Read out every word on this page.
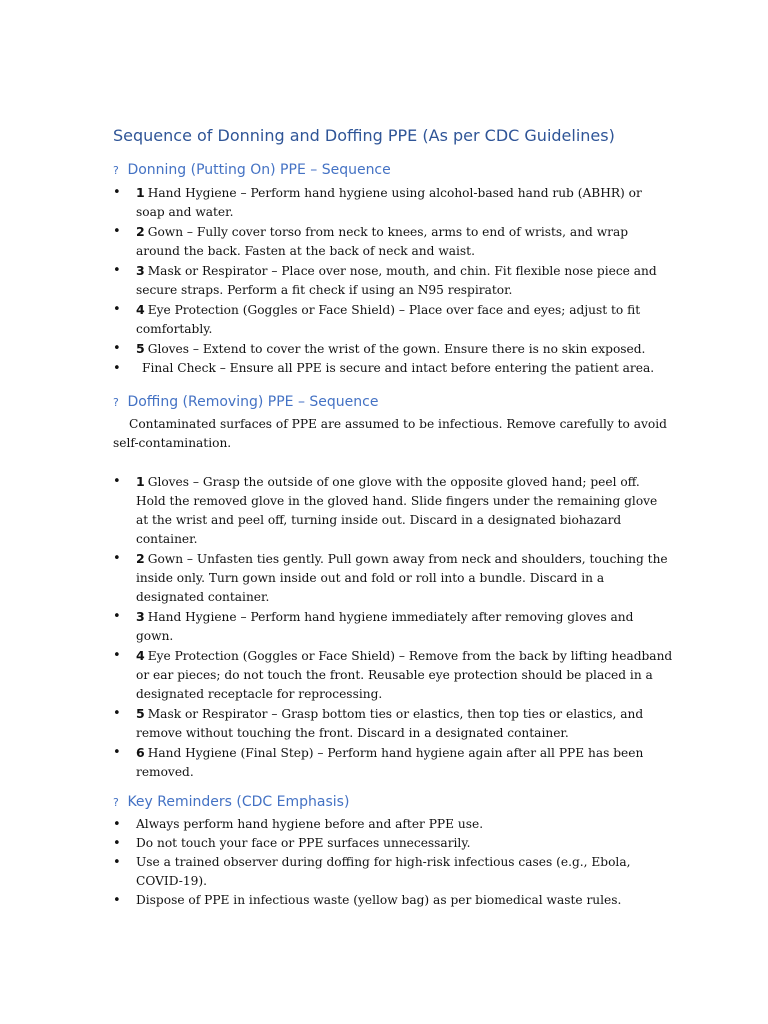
Sequence of Donning and Doffing PPE (As per CDC Guidelines)
? Donning (Putting On) PPE – Sequence
• 1 Hand Hygiene – Perform hand hygiene using alcohol-based hand rub (ABHR) or soap and water.
• 2 Gown – Fully cover torso from neck to knees, arms to end of wrists, and wrap around the back. Fasten at the back of neck and waist.
• 3 Mask or Respirator – Place over nose, mouth, and chin. Fit flexible nose piece and secure straps. Perform a fit check if using an N95 respirator.
• 4 Eye Protection (Goggles or Face Shield) – Place over face and eyes; adjust to fit comfortably.
• 5 Gloves – Extend to cover the wrist of the gown. Ensure there is no skin exposed.
• Final Check – Ensure all PPE is secure and intact before entering the patient area.
? Doffing (Removing) PPE – Sequence

Contaminated surfaces of PPE are assumed to be infectious. Remove carefully to avoid self-contamination.

• 1 Gloves – Grasp the outside of one glove with the opposite gloved hand; peel off. Hold the removed glove in the gloved hand. Slide fingers under the remaining glove at the wrist and peel off, turning inside out. Discard in a designated biohazard container.
• 2 Gown – Unfasten ties gently. Pull gown away from neck and shoulders, touching the inside only. Turn gown inside out and fold or roll into a bundle. Discard in a designated container.
• 3 Hand Hygiene – Perform hand hygiene immediately after removing gloves and gown.
• 4 Eye Protection (Goggles or Face Shield) – Remove from the back by lifting headband or ear pieces; do not touch the front. Reusable eye protection should be placed in a designated receptacle for reprocessing.
• 5 Mask or Respirator – Grasp bottom ties or elastics, then top ties or elastics, and remove without touching the front. Discard in a designated container.
• 6 Hand Hygiene (Final Step) – Perform hand hygiene again after all PPE has been removed.
? Key Reminders (CDC Emphasis)
• Always perform hand hygiene before and after PPE use.
• Do not touch your face or PPE surfaces unnecessarily.
• Use a trained observer during doffing for high-risk infectious cases (e.g., Ebola, COVID-19).
• Dispose of PPE in infectious waste (yellow bag) as per biomedical waste rules.
